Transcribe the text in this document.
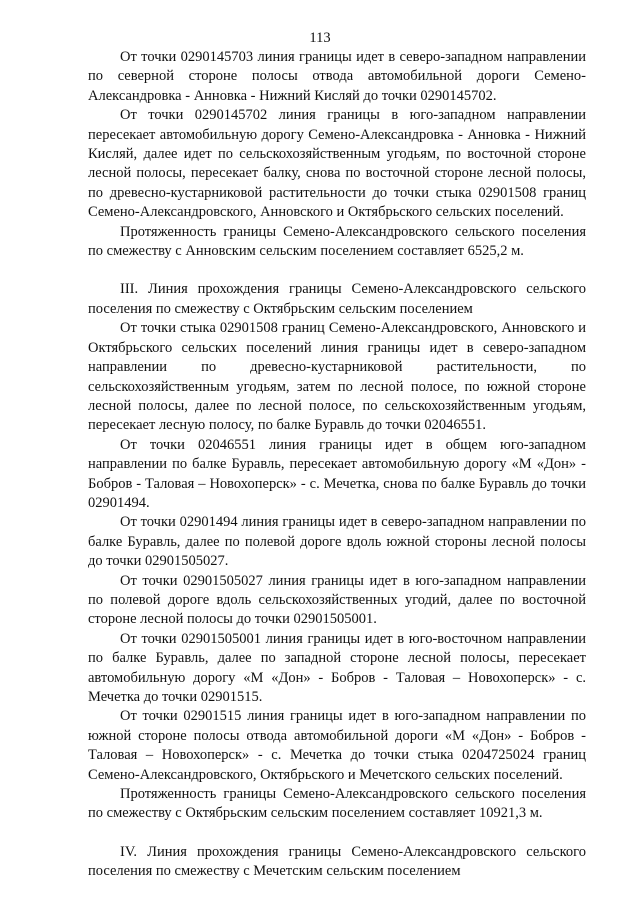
113

От точки 0290145703 линия границы идет в северо-западном направлении по северной стороне полосы отвода автомобильной дороги Семено-Александровка - Анновка - Нижний Кисляй до точки 0290145702.

От точки 0290145702 линия границы в юго-западном направлении пересекает автомобильную дорогу Семено-Александровка - Анновка - Нижний Кисляй, далее идет по сельскохозяйственным угодьям, по восточной стороне лесной полосы, пересекает балку, снова по восточной стороне лесной полосы, по древесно-кустарниковой растительности до точки стыка 02901508 границ Семено-Александровского, Анновского и Октябрьского сельских поселений.

Протяженность границы Семено-Александровского сельского поселения по смежеству с Анновским сельским поселением составляет 6525,2 м.

III. Линия прохождения границы Семено-Александровского сельского поселения по смежеству с Октябрьским сельским поселением

От точки стыка 02901508 границ Семено-Александровского, Анновского и Октябрьского сельских поселений линия границы идет в северо-западном направлении по древесно-кустарниковой растительности, по сельскохозяйственным угодьям, затем по лесной полосе, по южной стороне лесной полосы, далее по лесной полосе, по сельскохозяйственным угодьям, пересекает лесную полосу, по балке Буравль до точки 02046551.

От точки 02046551 линия границы идет в общем юго-западном направлении по балке Буравль, пересекает автомобильную дорогу «М «Дон» - Бобров - Таловая – Новохоперск» - с. Мечетка, снова по балке Буравль до точки 02901494.

От точки 02901494 линия границы идет в северо-западном направлении по балке Буравль, далее по полевой дороге вдоль южной стороны лесной полосы до точки 02901505027.

От точки 02901505027 линия границы идет в юго-западном направлении по полевой дороге вдоль сельскохозяйственных угодий, далее по восточной стороне лесной полосы до точки 02901505001.

От точки 02901505001 линия границы идет в юго-восточном направлении по балке Буравль, далее по западной стороне лесной полосы, пересекает автомобильную дорогу «М «Дон» - Бобров - Таловая – Новохоперск» - с. Мечетка до точки 02901515.

От точки 02901515 линия границы идет в юго-западном направлении по южной стороне полосы отвода автомобильной дороги «М «Дон» - Бобров - Таловая – Новохоперск» - с. Мечетка до точки стыка 0204725024 границ Семено-Александровского, Октябрьского и Мечетского сельских поселений.

Протяженность границы Семено-Александровского сельского поселения по смежеству с Октябрьским сельским поселением составляет 10921,3 м.

IV. Линия прохождения границы Семено-Александровского сельского поселения по смежеству с Мечетским сельским поселением
